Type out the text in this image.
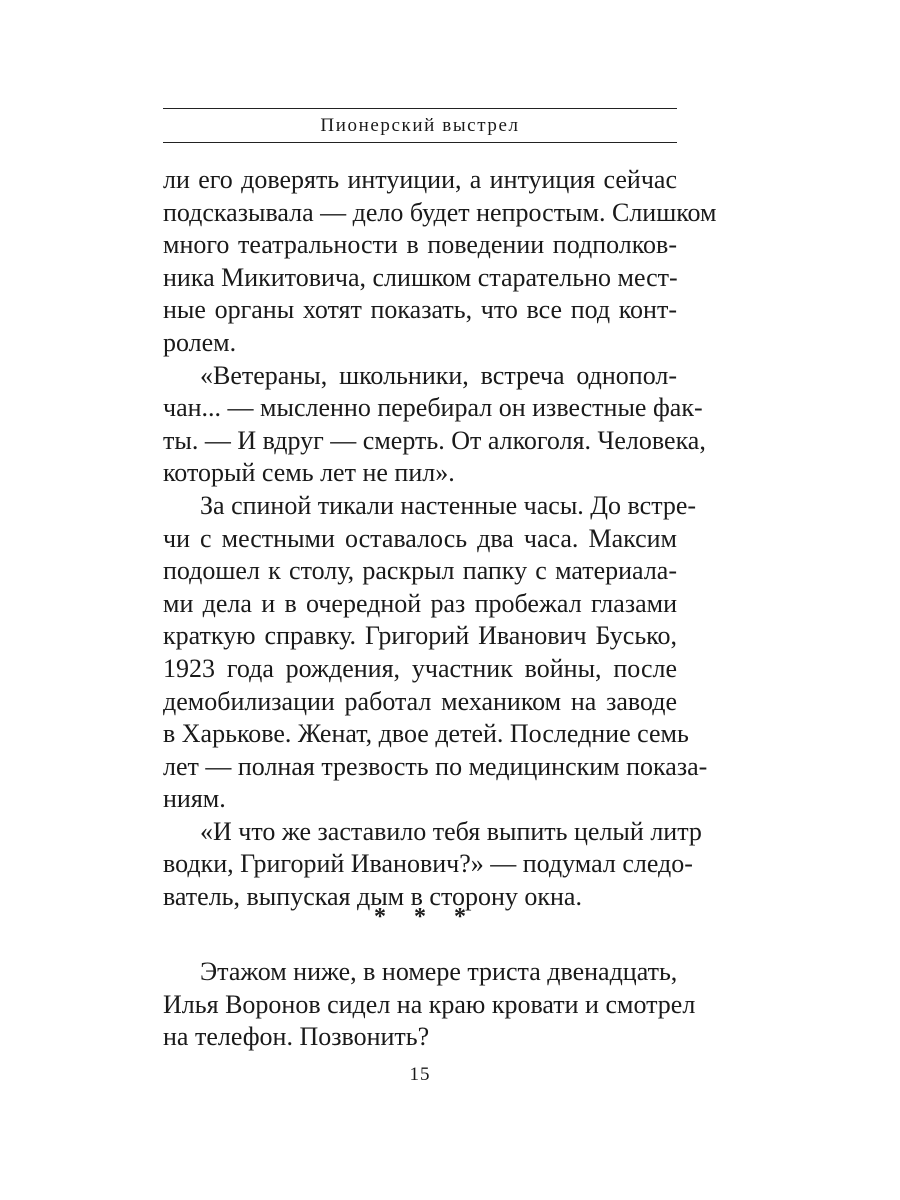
Пионерский выстрел

ли его доверять интуиции, а интуиция сейчас
подсказывала — дело будет непростым. Слишком
много театральности в поведении подполков-
ника Микитовича, слишком старательно мест-
ные органы хотят показать, что все под конт-
ролем.

«Ветераны, школьники, встреча однопол-
чан... — мысленно перебирал он известные фак-
ты. — И вдруг — смерть. От алкоголя. Человека,
который семь лет не пил».

За спиной тикали настенные часы. До встре-
чи с местными оставалось два часа. Максим
подошел к столу, раскрыл папку с материала-
ми дела и в очередной раз пробежал глазами
краткую справку. Григорий Иванович Бусько,
1923 года рождения, участник войны, после
демобилизации работал механиком на заводе
в Харькове. Женат, двое детей. Последние семь
лет — полная трезвость по медицинским показа-
ниям.

«И что же заставило тебя выпить целый литр
водки, Григорий Иванович?» — подумал следо-
ватель, выпуская дым в сторону окна.

* * *

Этажом ниже, в номере триста двенадцать,
Илья Воронов сидел на краю кровати и смотрел
на телефон. Позвонить?

15
